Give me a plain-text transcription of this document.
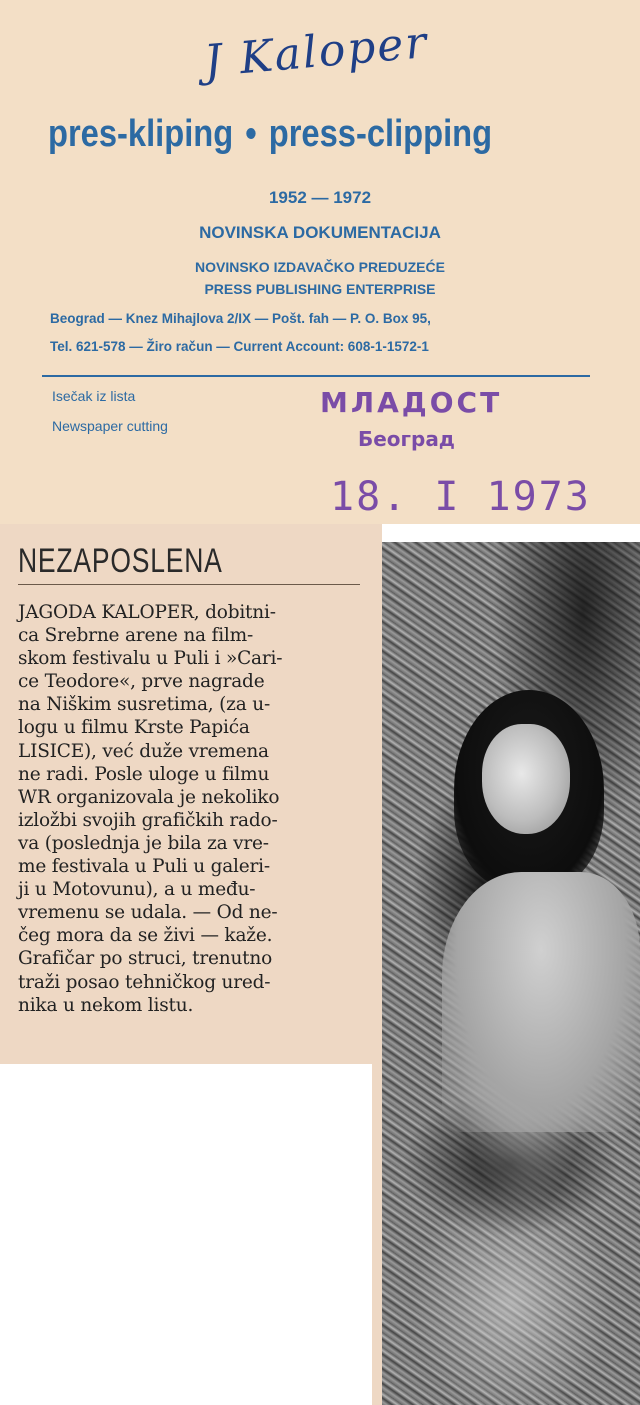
J Kaloper
pres-kliping • press-clipping
1952 — 1972
NOVINSKA DOKUMENTACIJA
NOVINSKO IZDAVAČKO PREDUZEĆE
PRESS PUBLISHING ENTERPRISE
Beograd — Knez Mihajlova 2/IX — Pošt. fah — P. O. Box 95,
Tel. 621-578 — Žiro račun — Current Account: 608-1-1572-1
Isečak iz lista
Newspaper cutting
МЛАДОСТ
Београд
18. I 1973
NEZAPOSLENA
JAGODA KALOPER, dobitni-
ca Srebrne arene na film-
skom festivalu u Puli i »Cari-
ce Teodore«, prve nagrade
na Niškim susretima, (za u-
logu u filmu Krste Papića
LISICE), već duže vremena
ne radi. Posle uloge u filmu
WR organizovala je nekoliko
izložbi svojih grafičkih rado-
va (poslednja je bila za vre-
me festivala u Puli u galeri-
ji u Motovunu), a u među-
vremenu se udala. — Od ne-
čeg mora da se živi — kaže.
Grafičar po struci, trenutno
traži posao tehničkog ured-
nika u nekom listu.
